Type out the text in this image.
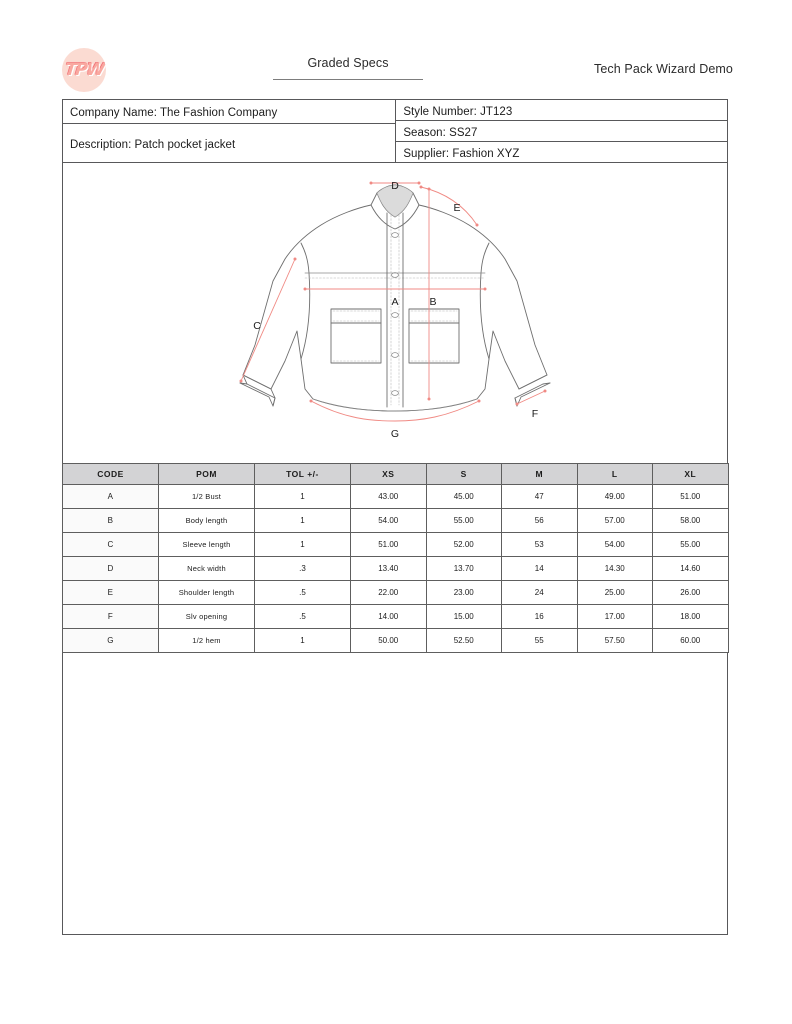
TPW	Graded Specs	Tech Pack Wizard Demo
Company Name: The Fashion Company
Description: Patch pocket jacket
Style Number: JT123
Season: SS27
Supplier: Fashion XYZ
D
E
A	B
C
F
G
CODE	POM	TOL +/-	XS	S	M	L	XL
A	1/2 Bust	1	43.00	45.00	47	49.00	51.00
B	Body length	1	54.00	55.00	56	57.00	58.00
C	Sleeve length	1	51.00	52.00	53	54.00	55.00
D	Neck width	.3	13.40	13.70	14	14.30	14.60
E	Shoulder length	.5	22.00	23.00	24	25.00	26.00
F	Slv opening	.5	14.00	15.00	16	17.00	18.00
G	1/2 hem	1	50.00	52.50	55	57.50	60.00
